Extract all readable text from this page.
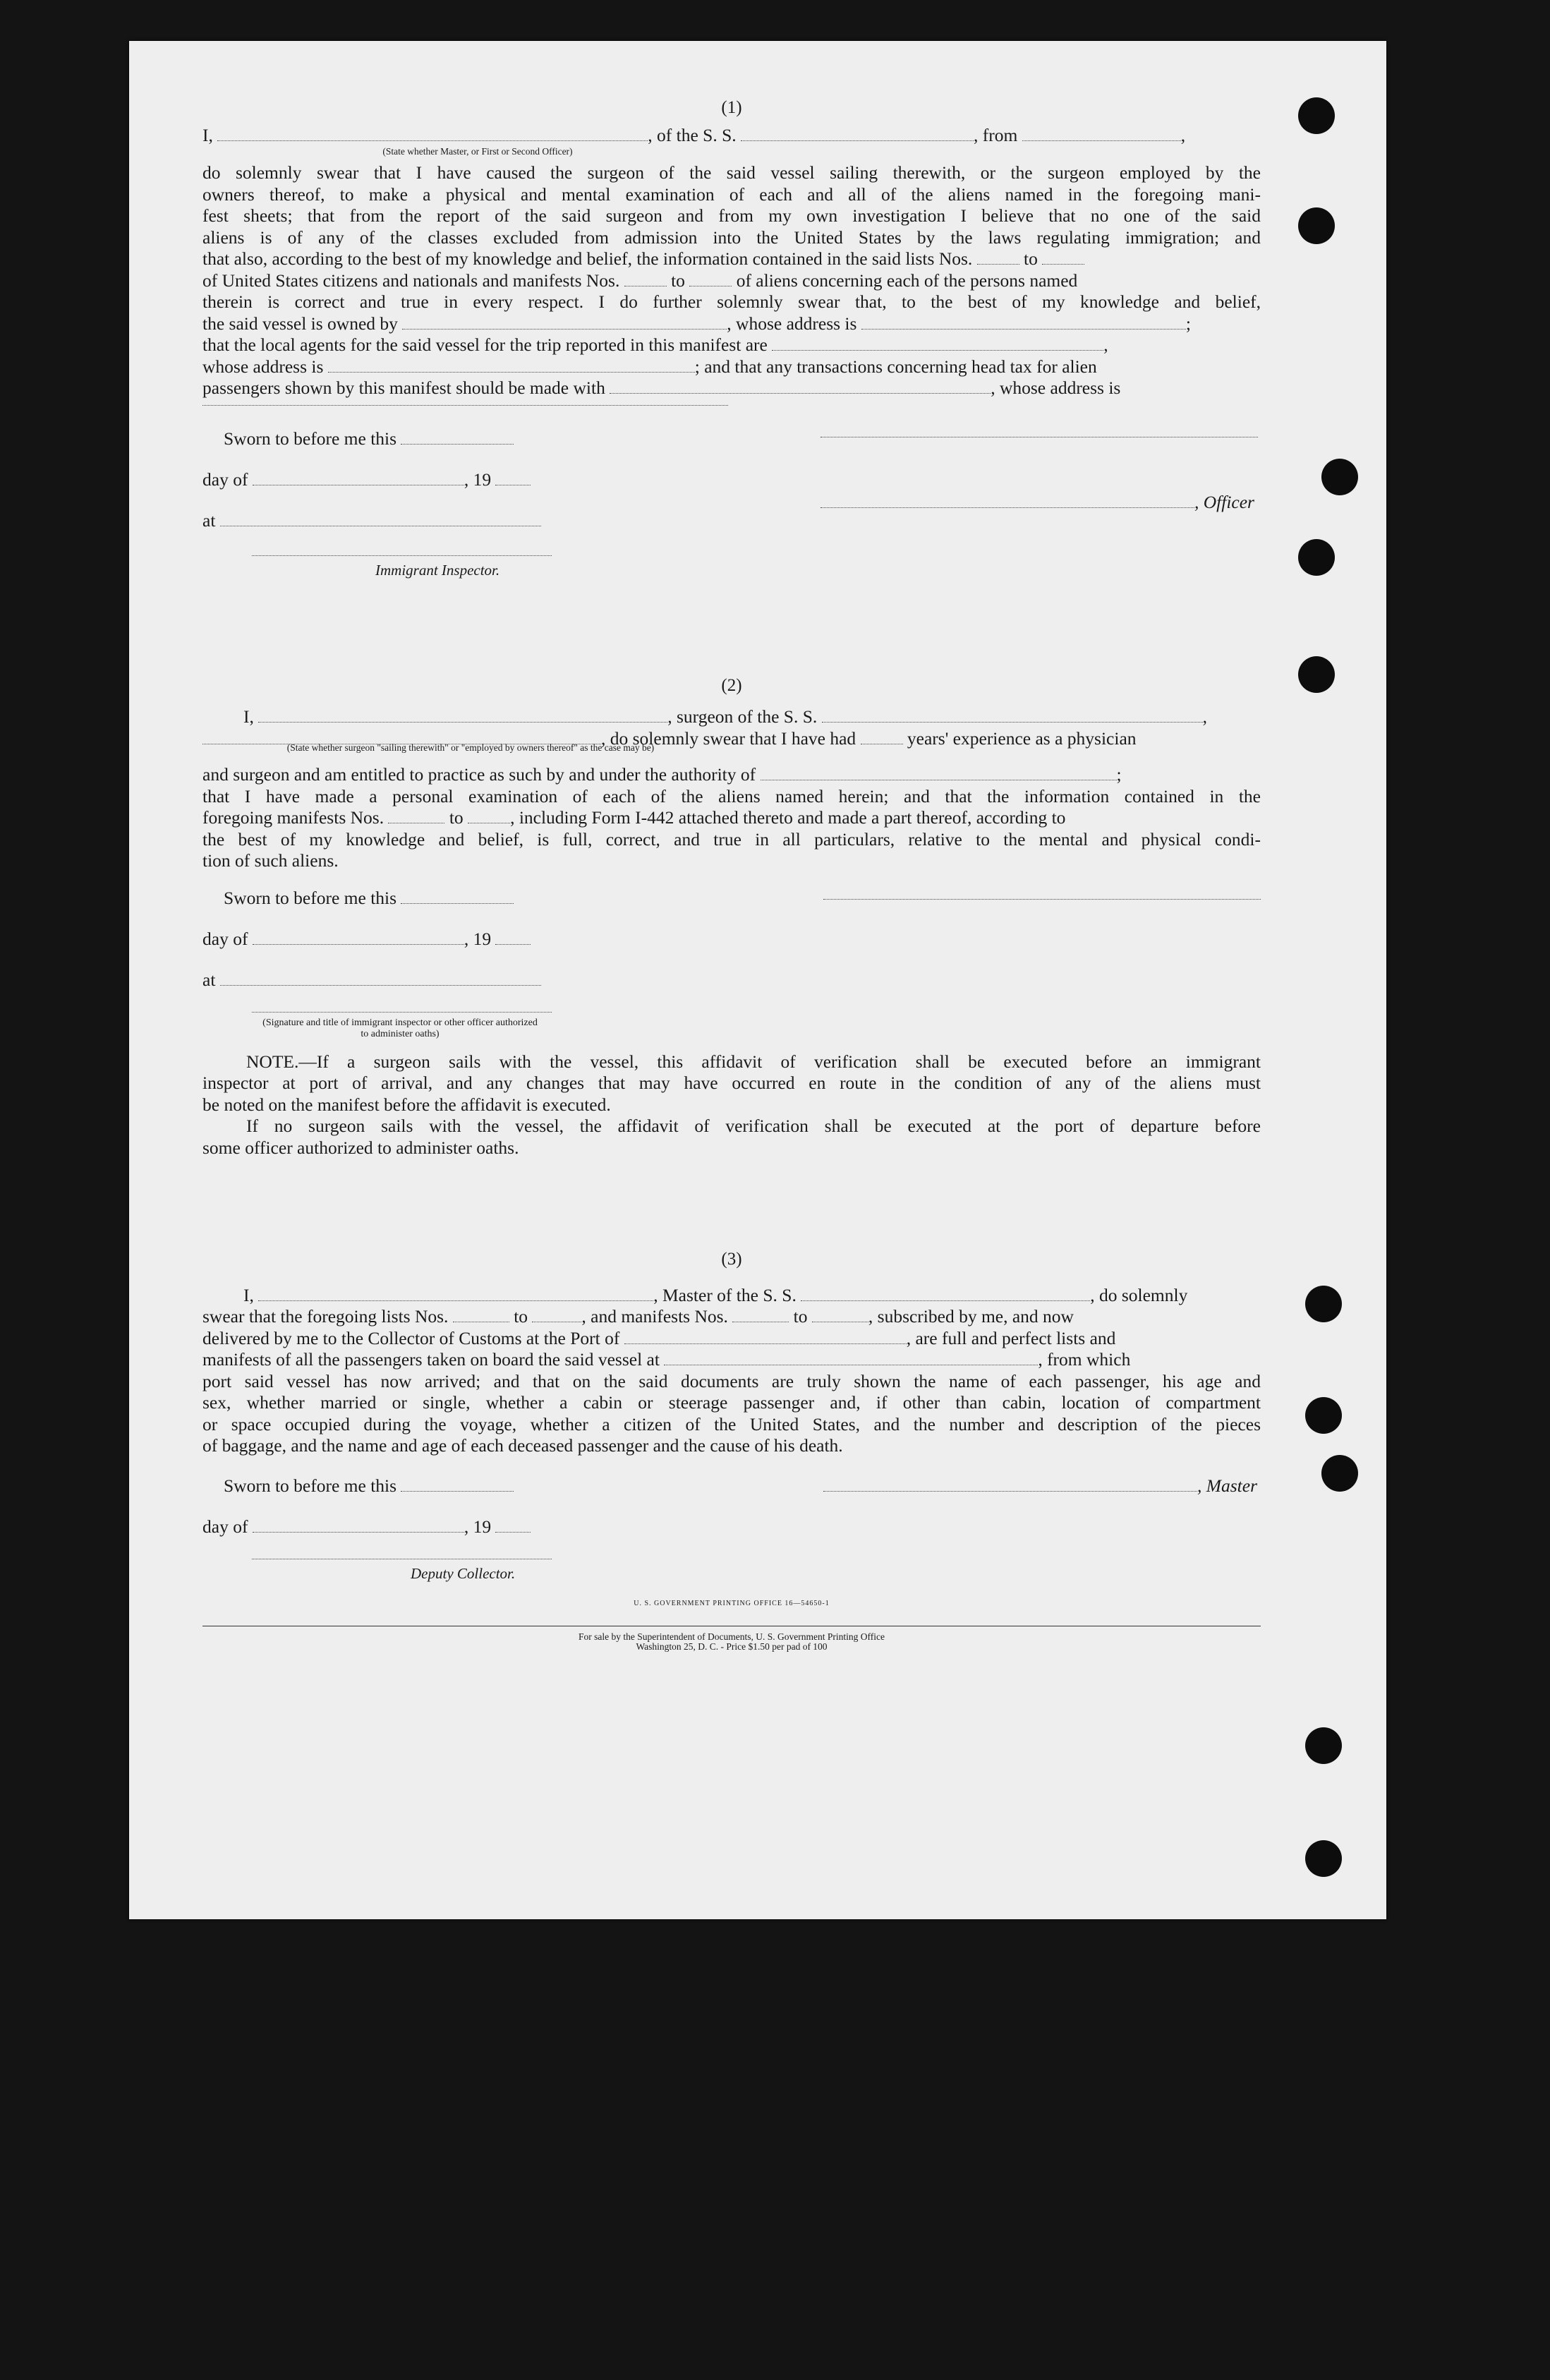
(1)

I,	, of the S. S.	, from	,
(State whether Master, or First or Second Officer)
do solemnly swear that I have caused the surgeon of the said vessel sailing therewith, or the surgeon employed by the
owners thereof, to make a physical and mental examination of each and all of the aliens named in the foregoing mani-
fest sheets; that from the report of the said surgeon and from my own investigation I believe that no one of the said
aliens is of any of the classes excluded from admission into the United States by the laws regulating immigration; and
that also, according to the best of my knowledge and belief, the information contained in the said lists Nos.	to
of United States citizens and nationals and manifests Nos.	to	of aliens concerning each of the persons named
therein is correct and true in every respect. I do further solemnly swear that, to the best of my knowledge and belief,
the said vessel is owned by	, whose address is	;
that the local agents for the said vessel for the trip reported in this manifest are	,
whose address is	; and that any transactions concerning head tax for alien
passengers shown by this manifest should be made with	, whose address is
Sworn to before me this
day of	, 19
at
Immigrant Inspector.
, Officer

(2)

I,	, surgeon of the S. S.	,
, do solemnly swear that I have had	years' experience as a physician
(State whether surgeon "sailing therewith" or "employed by owners thereof" as the case may be)
and surgeon and am entitled to practice as such by and under the authority of	;
that I have made a personal examination of each of the aliens named herein; and that the information contained in the
foregoing manifests Nos.	to	, including Form I-442 attached thereto and made a part thereof, according to
the best of my knowledge and belief, is full, correct, and true in all particulars, relative to the mental and physical condi-
tion of such aliens.
Sworn to before me this
day of	, 19
at
(Signature and title of immigrant inspector or other officer authorized to administer oaths)
NOTE.—If a surgeon sails with the vessel, this affidavit of verification shall be executed before an immigrant
inspector at port of arrival, and any changes that may have occurred en route in the condition of any of the aliens must
be noted on the manifest before the affidavit is executed.
If no surgeon sails with the vessel, the affidavit of verification shall be executed at the port of departure before
some officer authorized to administer oaths.

(3)

I,	, Master of the S. S.	, do solemnly
swear that the foregoing lists Nos.	to	, and manifests Nos.	to	, subscribed by me, and now
delivered by me to the Collector of Customs at the Port of	, are full and perfect lists and
manifests of all the passengers taken on board the said vessel at	, from which
port said vessel has now arrived; and that on the said documents are truly shown the name of each passenger, his age and
sex, whether married or single, whether a cabin or steerage passenger and, if other than cabin, location of compartment
or space occupied during the voyage, whether a citizen of the United States, and the number and description of the pieces
of baggage, and the name and age of each deceased passenger and the cause of his death.
Sworn to before me this	, Master
day of	, 19
Deputy Collector.
U. S. GOVERNMENT PRINTING OFFICE 16—54650-1
For sale by the Superintendent of Documents, U. S. Government Printing Office
Washington 25, D. C. - Price $1.50 per pad of 100
